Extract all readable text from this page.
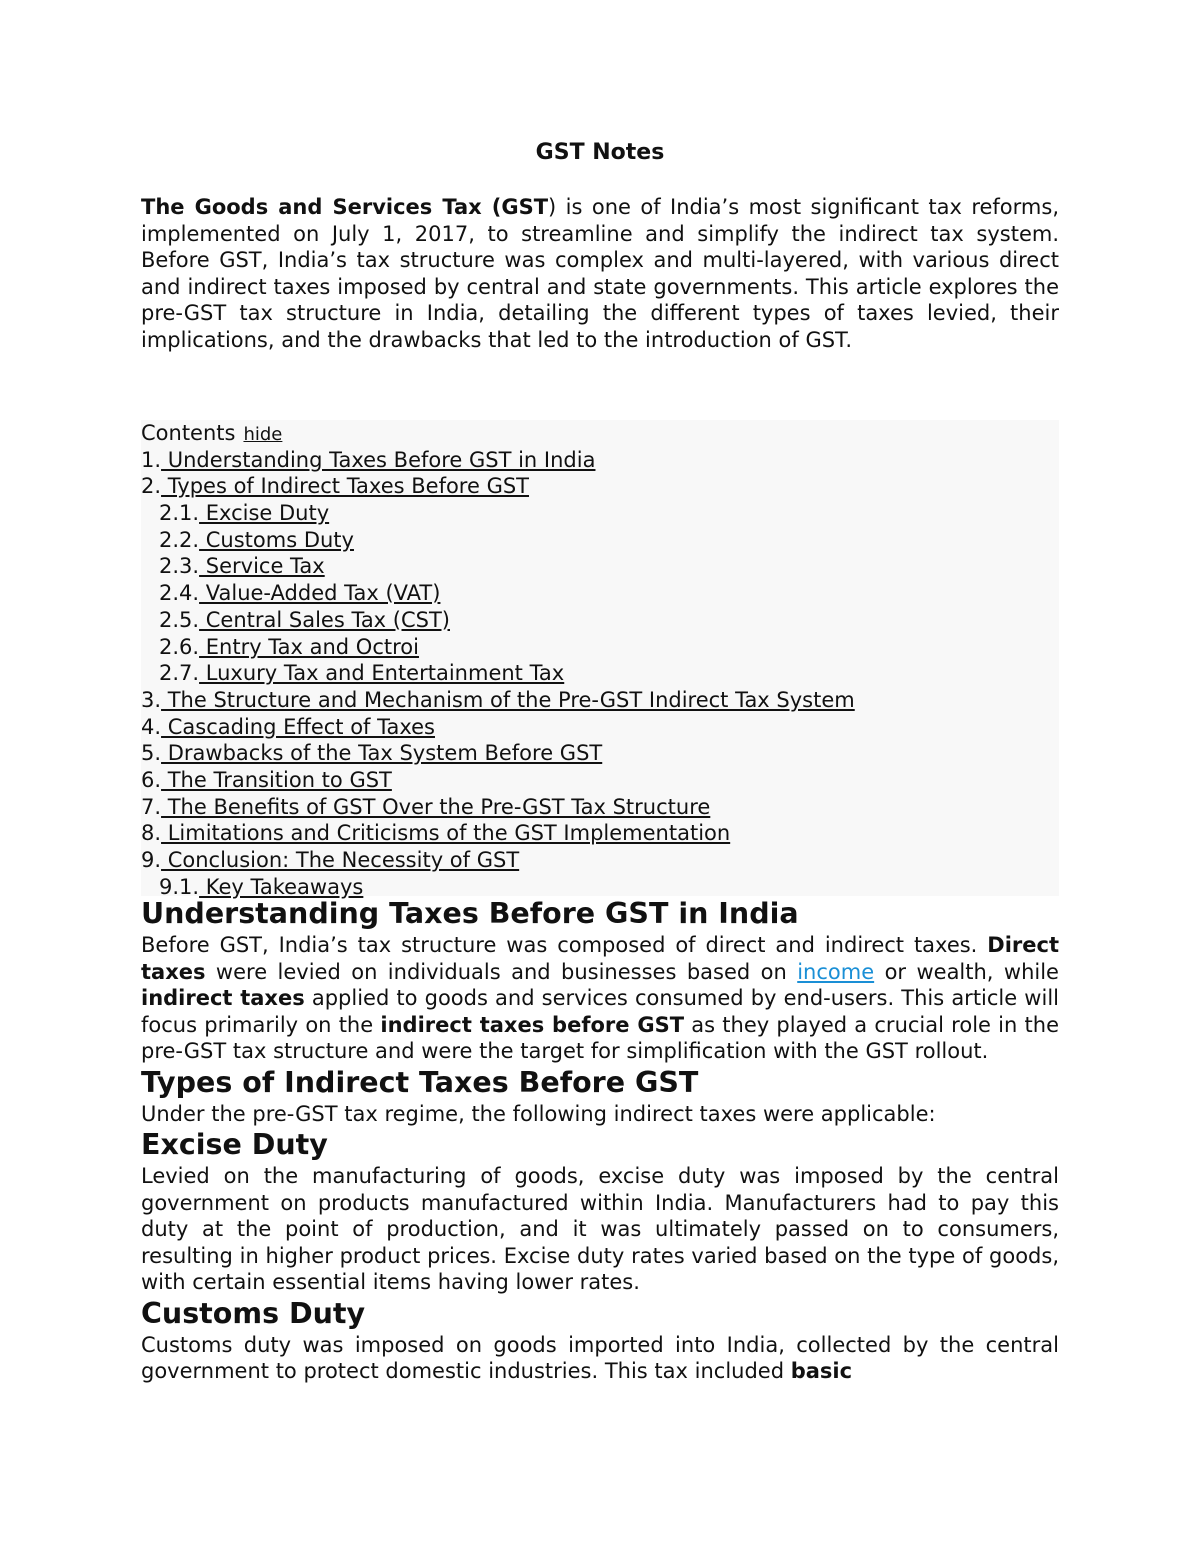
GST Notes

The Goods and Services Tax (GST) is one of India’s most significant tax reforms, implemented on July 1, 2017, to streamline and simplify the indirect tax system. Before GST, India’s tax structure was complex and multi-layered, with various direct and indirect taxes imposed by central and state governments. This article explores the pre-GST tax structure in India, detailing the different types of taxes levied, their implications, and the drawbacks that led to the introduction of GST.

Contents hide
1. Understanding Taxes Before GST in India
2. Types of Indirect Taxes Before GST
2.1. Excise Duty
2.2. Customs Duty
2.3. Service Tax
2.4. Value-Added Tax (VAT)
2.5. Central Sales Tax (CST)
2.6. Entry Tax and Octroi
2.7. Luxury Tax and Entertainment Tax
3. The Structure and Mechanism of the Pre-GST Indirect Tax System
4. Cascading Effect of Taxes
5. Drawbacks of the Tax System Before GST
6. The Transition to GST
7. The Benefits of GST Over the Pre-GST Tax Structure
8. Limitations and Criticisms of the GST Implementation
9. Conclusion: The Necessity of GST
9.1. Key Takeaways
Understanding Taxes Before GST in India

Before GST, India’s tax structure was composed of direct and indirect taxes. Direct taxes were levied on individuals and businesses based on income or wealth, while indirect taxes applied to goods and services consumed by end-users. This article will focus primarily on the indirect taxes before GST as they played a crucial role in the pre-GST tax structure and were the target for simplification with the GST rollout.

Types of Indirect Taxes Before GST

Under the pre-GST tax regime, the following indirect taxes were applicable:

Excise Duty

Levied on the manufacturing of goods, excise duty was imposed by the central government on products manufactured within India. Manufacturers had to pay this duty at the point of production, and it was ultimately passed on to consumers, resulting in higher product prices. Excise duty rates varied based on the type of goods, with certain essential items having lower rates.

Customs Duty

Customs duty was imposed on goods imported into India, collected by the central government to protect domestic industries. This tax included basic
